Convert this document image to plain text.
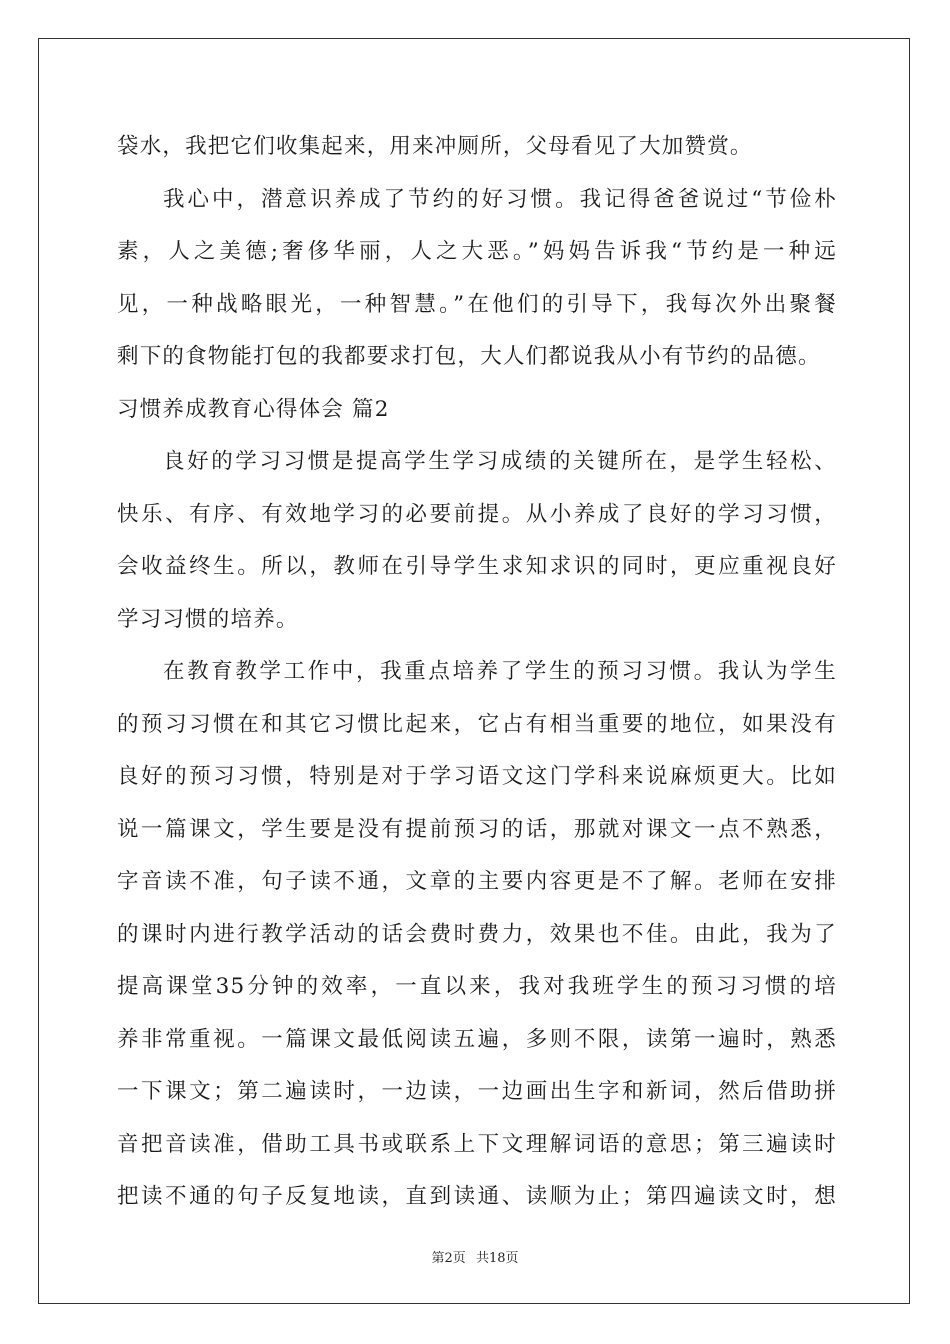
袋水，我把它们收集起来，用来冲厕所，父母看见了大加赞赏。
我心中，潜意识养成了节约的好习惯。我记得爸爸说过“节俭朴
素，人之美德;奢侈华丽，人之大恶。”妈妈告诉我“节约是一种远
见，一种战略眼光，一种智慧。”在他们的引导下，我每次外出聚餐
剩下的食物能打包的我都要求打包，大人们都说我从小有节约的品德。
习惯养成教育心得体会 篇2
良好的学习习惯是提高学生学习成绩的关键所在，是学生轻松、
快乐、有序、有效地学习的必要前提。从小养成了良好的学习习惯，
会收益终生。所以，教师在引导学生求知求识的同时，更应重视良好
学习习惯的培养。
在教育教学工作中，我重点培养了学生的预习习惯。我认为学生
的预习习惯在和其它习惯比起来，它占有相当重要的地位，如果没有
良好的预习习惯，特别是对于学习语文这门学科来说麻烦更大。比如
说一篇课文，学生要是没有提前预习的话，那就对课文一点不熟悉，
字音读不准，句子读不通，文章的主要内容更是不了解。老师在安排
的课时内进行教学活动的话会费时费力，效果也不佳。由此，我为了
提高课堂35分钟的效率，一直以来，我对我班学生的预习习惯的培
养非常重视。一篇课文最低阅读五遍，多则不限，读第一遍时，熟悉
一下课文；第二遍读时，一边读，一边画出生字和新词，然后借助拼
音把音读准，借助工具书或联系上下文理解词语的意思；第三遍读时
把读不通的句子反复地读，直到读通、读顺为止；第四遍读文时，想
第2页 共18页
